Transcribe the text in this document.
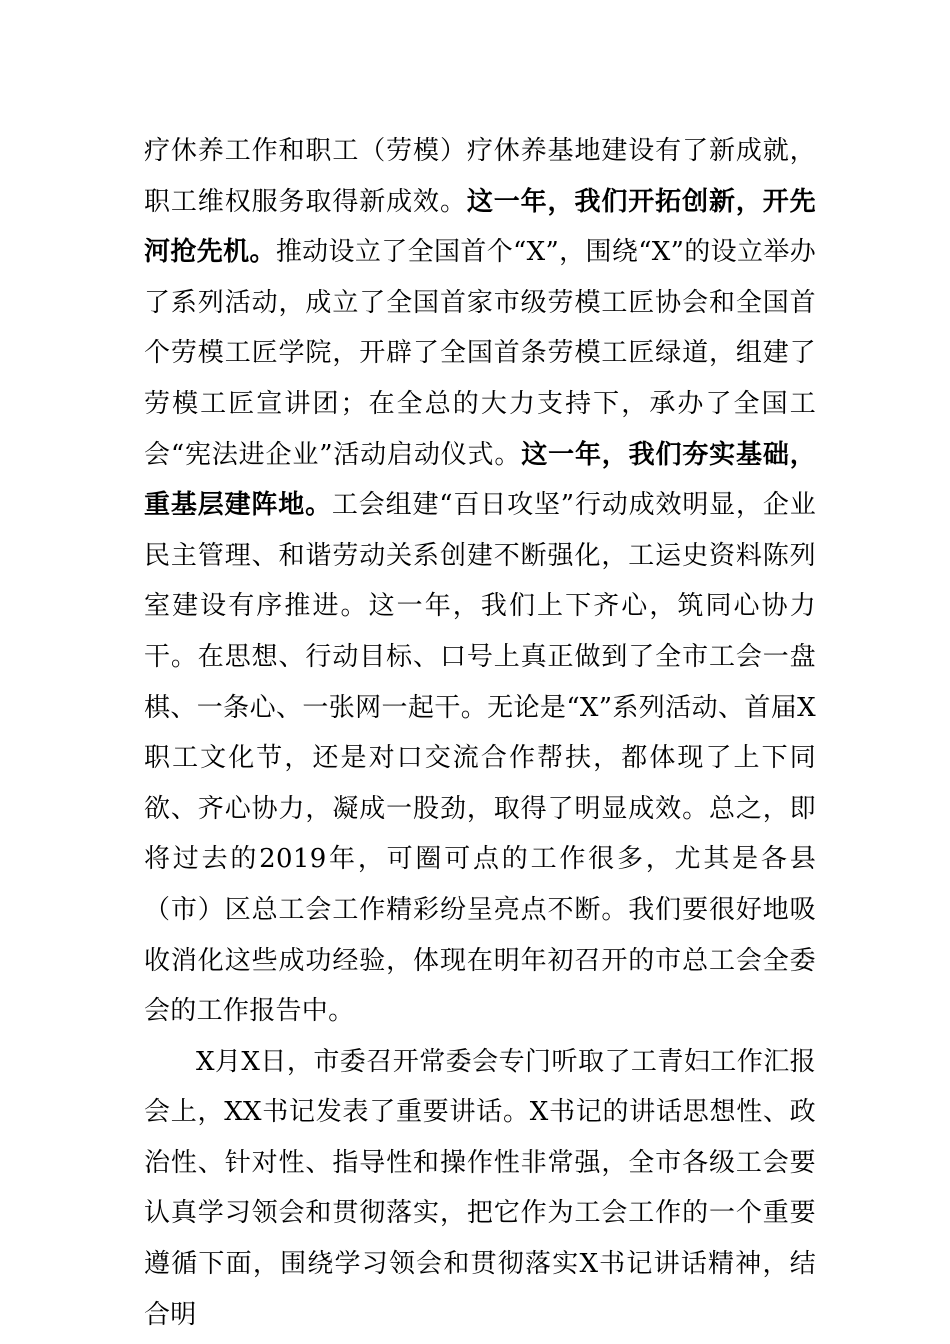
疗休养工作和职工（劳模）疗休养基地建设有了新成就，职工维权服务取得新成效。这一年，我们开拓创新，开先河抢先机。推动设立了全国首个“X”，围绕“X”的设立举办了系列活动，成立了全国首家市级劳模工匠协会和全国首个劳模工匠学院，开辟了全国首条劳模工匠绿道，组建了劳模工匠宣讲团；在全总的大力支持下，承办了全国工会“宪法进企业”活动启动仪式。这一年，我们夯实基础，重基层建阵地。工会组建“百日攻坚”行动成效明显，企业民主管理、和谐劳动关系创建不断强化，工运史资料陈列室建设有序推进。这一年，我们上下齐心，筑同心协力干。在思想、行动目标、口号上真正做到了全市工会一盘棋、一条心、一张网一起干。无论是“X”系列活动、首届X职工文化节，还是对口交流合作帮扶，都体现了上下同欲、齐心协力，凝成一股劲，取得了明显成效。总之，即将过去的2019年，可圈可点的工作很多，尤其是各县（市）区总工会工作精彩纷呈亮点不断。我们要很好地吸收消化这些成功经验，体现在明年初召开的市总工会全委会的工作报告中。

X月X日，市委召开常委会专门听取了工青妇工作汇报会上，XX书记发表了重要讲话。X书记的讲话思想性、政治性、针对性、指导性和操作性非常强，全市各级工会要认真学习领会和贯彻落实，把它作为工会工作的一个重要遵循下面，围绕学习领会和贯彻落实X书记讲话精神，结合明
